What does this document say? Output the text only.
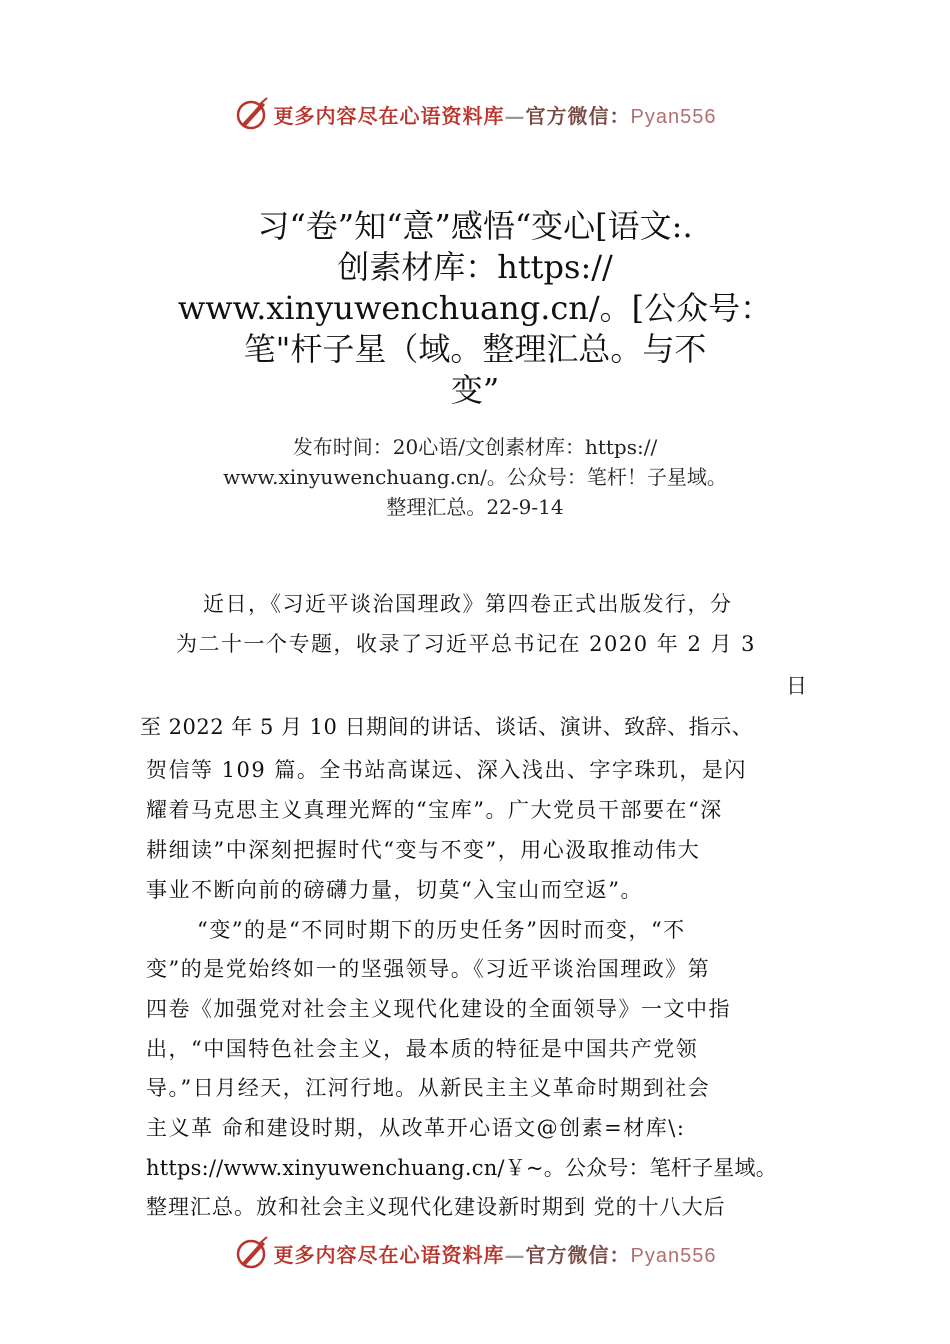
更多内容尽在心语资料库—官方微信：Pyan556
习“卷”知“意”感悟“变心[语文:.
创素材库：https://
www.xinyuwenchuang.cn/。[公众号：
笔"杆子星（域。整理汇总。与不
变”
发布时间：20心语/文创素材库：https://
www.xinyuwenchuang.cn/。公众号：笔杆！子星域。
整理汇总。22-9-14
近日，《习近平谈治国理政》第四卷正式出版发行，分
为二十一个专题，收录了习近平总书记在 2020 年 2 月 3
日
至 2022 年 5 月 10 日期间的讲话、谈话、演讲、致辞、指示、
贺信等 109 篇。全书站高谋远、深入浅出、字字珠玑，是闪
耀着马克思主义真理光辉的“宝库”。广大党员干部要在“深
耕细读”中深刻把握时代“变与不变”，用心汲取推动伟大
事业不断向前的磅礴力量，切莫“入宝山而空返”。
“变”的是“不同时期下的历史任务”因时而变，“不
变”的是党始终如一的坚强领导。《习近平谈治国理政》第
四卷《加强党对社会主义现代化建设的全面领导》一文中指
出，“中国特色社会主义，最本质的特征是中国共产党领
导。”日月经天，江河行地。从新民主主义革命时期到社会
主义革 命和建设时期，从改革开心语文@创素=材库\:
https://www.xinyuwenchuang.cn/￥~。公众号：笔杆子星域。
整理汇总。放和社会主义现代化建设新时期到 党的十八大后
更多内容尽在心语资料库—官方微信：Pyan556
